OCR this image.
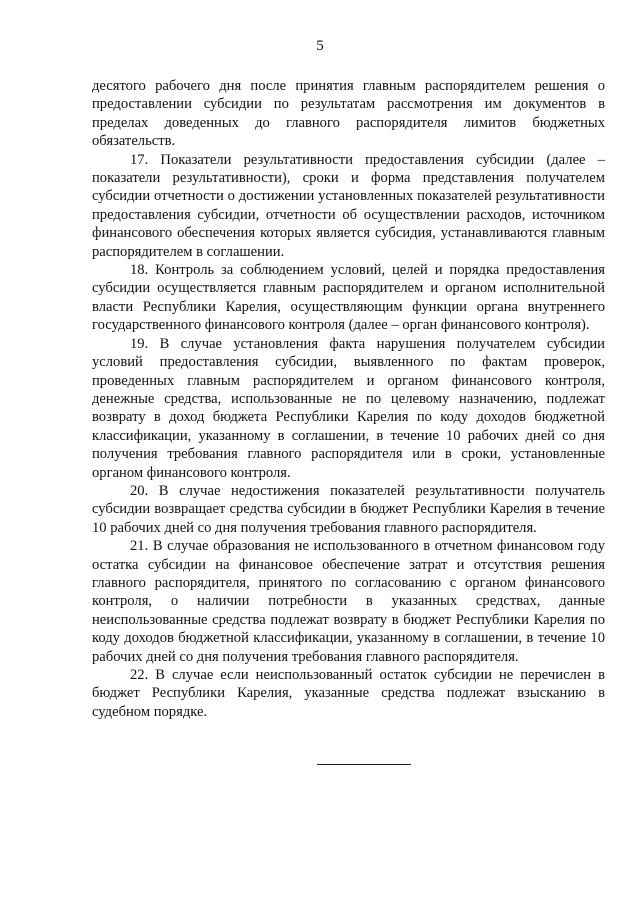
5

десятого рабочего дня после принятия главным распорядителем решения о предоставлении субсидии по результатам рассмотрения им документов в пределах доведенных до главного распорядителя лимитов бюджетных обязательств.

17. Показатели результативности предоставления субсидии (далее – показатели результативности), сроки и форма представления получателем субсидии отчетности о достижении установленных показателей результативности предоставления субсидии, отчетности об осуществлении расходов, источником финансового обеспечения которых является субсидия, устанавливаются главным распорядителем в соглашении.

18. Контроль за соблюдением условий, целей и порядка предоставления субсидии осуществляется главным распорядителем и органом исполнительной власти Республики Карелия, осуществляющим функции органа внутреннего государственного финансового контроля (далее – орган финансового контроля).

19. В случае установления факта нарушения получателем субсидии условий предоставления субсидии, выявленного по фактам проверок, проведенных главным распорядителем и органом финансового контроля, денежные средства, использованные не по целевому назначению, подлежат возврату в доход бюджета Республики Карелия по коду доходов бюджетной классификации, указанному в соглашении, в течение 10 рабочих дней со дня получения требования главного распорядителя или в сроки, установленные органом финансового контроля.

20. В случае недостижения показателей результативности получатель субсидии возвращает средства субсидии в бюджет Республики Карелия в течение 10 рабочих дней со дня получения требования главного распорядителя.

21. В случае образования не использованного в отчетном финансовом году остатка субсидии на финансовое обеспечение затрат и отсутствия решения главного распорядителя, принятого по согласованию с органом финансового контроля, о наличии потребности в указанных средствах, данные неиспользованные средства подлежат возврату в бюджет Республики Карелия по коду доходов бюджетной классификации, указанному в соглашении, в течение 10 рабочих дней со дня получения требования главного распорядителя.

22. В случае если неиспользованный остаток субсидии не перечислен в бюджет Республики Карелия, указанные средства подлежат взысканию в судебном порядке.
